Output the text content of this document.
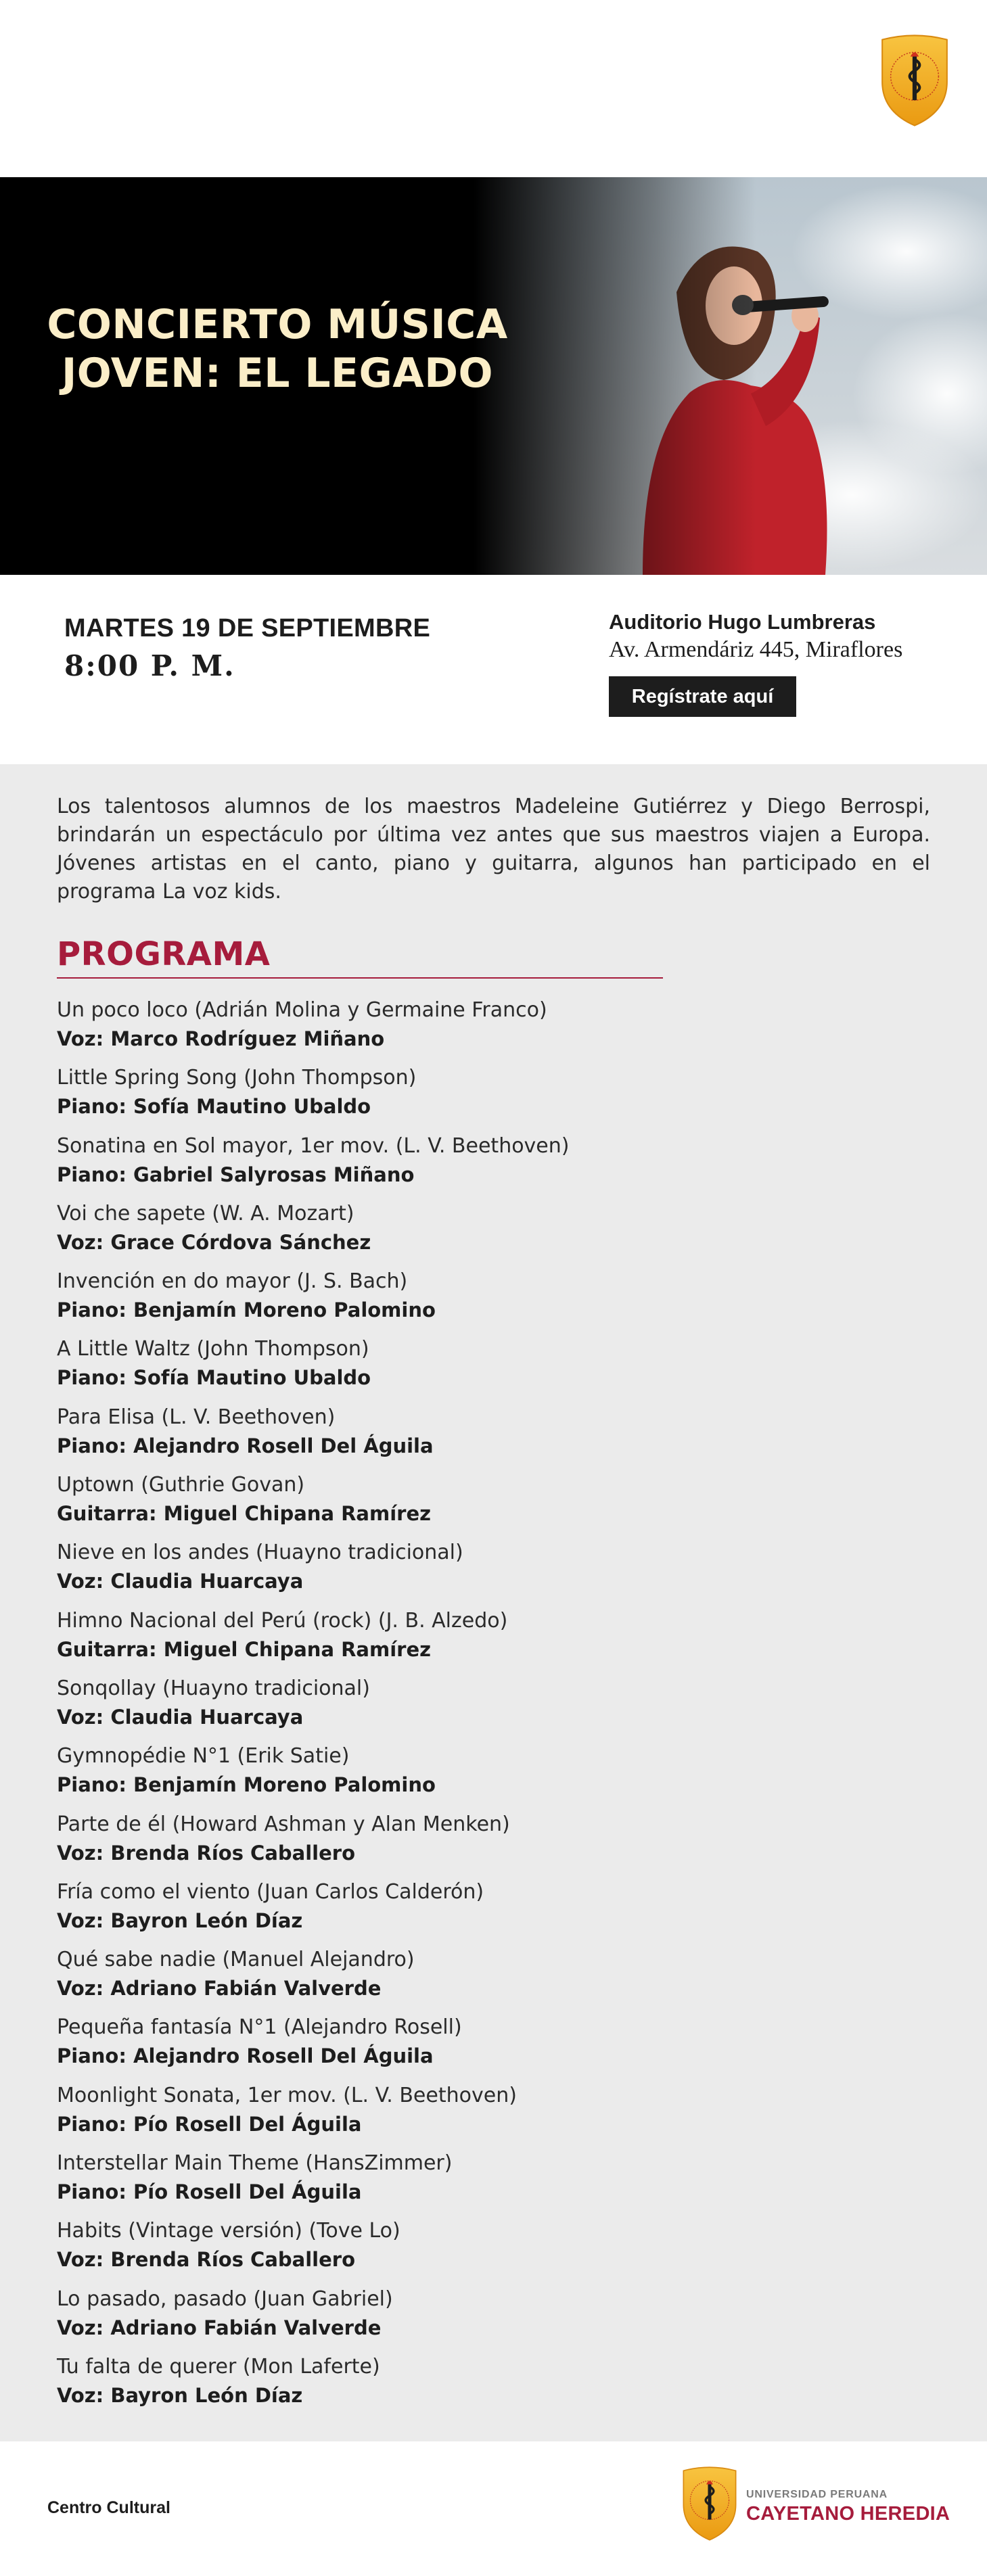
CONCIERTO MÚSICA
JOVEN: EL LEGADO
MARTES 19 DE SEPTIEMBRE
8:00 P. M.
Auditorio Hugo Lumbreras
Av. Armendáriz 445, Miraflores
Regístrate aquí

Los talentosos alumnos de los maestros Madeleine Gutiérrez y Diego Berrospi, brindarán un espectáculo por última vez antes que sus maestros viajen a Europa. Jóvenes artistas en el canto, piano y guitarra, algunos han participado en el programa La voz kids.

PROGRAMA
Un poco loco (Adrián Molina y Germaine Franco)
Voz: Marco Rodríguez Miñano
Little Spring Song (John Thompson)
Piano: Sofía Mautino Ubaldo
Sonatina en Sol mayor, 1er mov. (L. V. Beethoven)
Piano: Gabriel Salyrosas Miñano
Voi che sapete (W. A. Mozart)
Voz: Grace Córdova Sánchez
Invención en do mayor (J. S. Bach)
Piano: Benjamín Moreno Palomino
A Little Waltz (John Thompson)
Piano: Sofía Mautino Ubaldo
Para Elisa (L. V. Beethoven)
Piano: Alejandro Rosell Del Águila
Uptown (Guthrie Govan)
Guitarra: Miguel Chipana Ramírez
Nieve en los andes (Huayno tradicional)
Voz: Claudia Huarcaya
Himno Nacional del Perú (rock) (J. B. Alzedo)
Guitarra: Miguel Chipana Ramírez
Sonqollay (Huayno tradicional)
Voz: Claudia Huarcaya
Gymnopédie N°1 (Erik Satie)
Piano: Benjamín Moreno Palomino
Parte de él (Howard Ashman y Alan Menken)
Voz: Brenda Ríos Caballero
Fría como el viento (Juan Carlos Calderón)
Voz: Bayron León Díaz
Qué sabe nadie (Manuel Alejandro)
Voz: Adriano Fabián Valverde
Pequeña fantasía N°1 (Alejandro Rosell)
Piano: Alejandro Rosell Del Águila
Moonlight Sonata, 1er mov. (L. V. Beethoven)
Piano: Pío Rosell Del Águila
Interstellar Main Theme (HansZimmer)
Piano: Pío Rosell Del Águila
Habits (Vintage versión) (Tove Lo)
Voz: Brenda Ríos Caballero
Lo pasado, pasado (Juan Gabriel)
Voz: Adriano Fabián Valverde
Tu falta de querer (Mon Laferte)
Voz: Bayron León Díaz
Centro Cultural
UNIVERSIDAD PERUANA
CAYETANO HEREDIA
